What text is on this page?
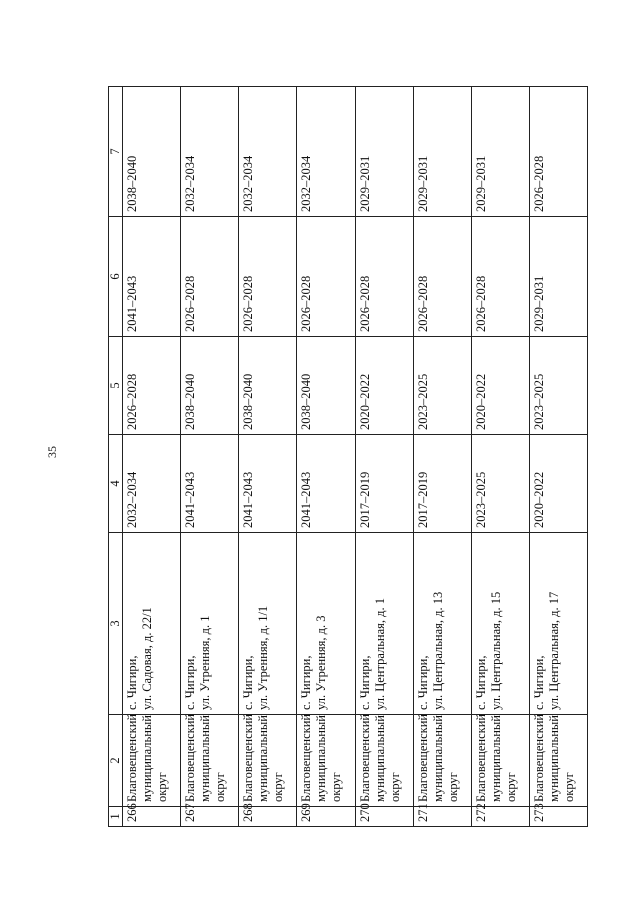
35
1	2	3	4	5	6	7
266	Благовещенский муниципальный округ	с. Чигири, ул. Садовая, д. 22/1	2032–2034	2026–2028	2041–2043	2038–2040
267	Благовещенский муниципальный округ	с. Чигири, ул. Утренняя, д. 1	2041–2043	2038–2040	2026–2028	2032–2034
268	Благовещенский муниципальный округ	с. Чигири, ул. Утренняя, д. 1/1	2041–2043	2038–2040	2026–2028	2032–2034
269	Благовещенский муниципальный округ	с. Чигири, ул. Утренняя, д. 3	2041–2043	2038–2040	2026–2028	2032–2034
270	Благовещенский муниципальный округ	с. Чигири, ул. Центральная, д. 1	2017–2019	2020–2022	2026–2028	2029–2031
271	Благовещенский муниципальный округ	с. Чигири, ул. Центральная, д. 13	2017–2019	2023–2025	2026–2028	2029–2031
272	Благовещенский муниципальный округ	с. Чигири, ул. Центральная, д. 15	2023–2025	2020–2022	2026–2028	2029–2031
273	Благовещенский муниципальный округ	с. Чигири, ул. Центральная, д. 17	2020–2022	2023–2025	2029–2031	2026–2028
